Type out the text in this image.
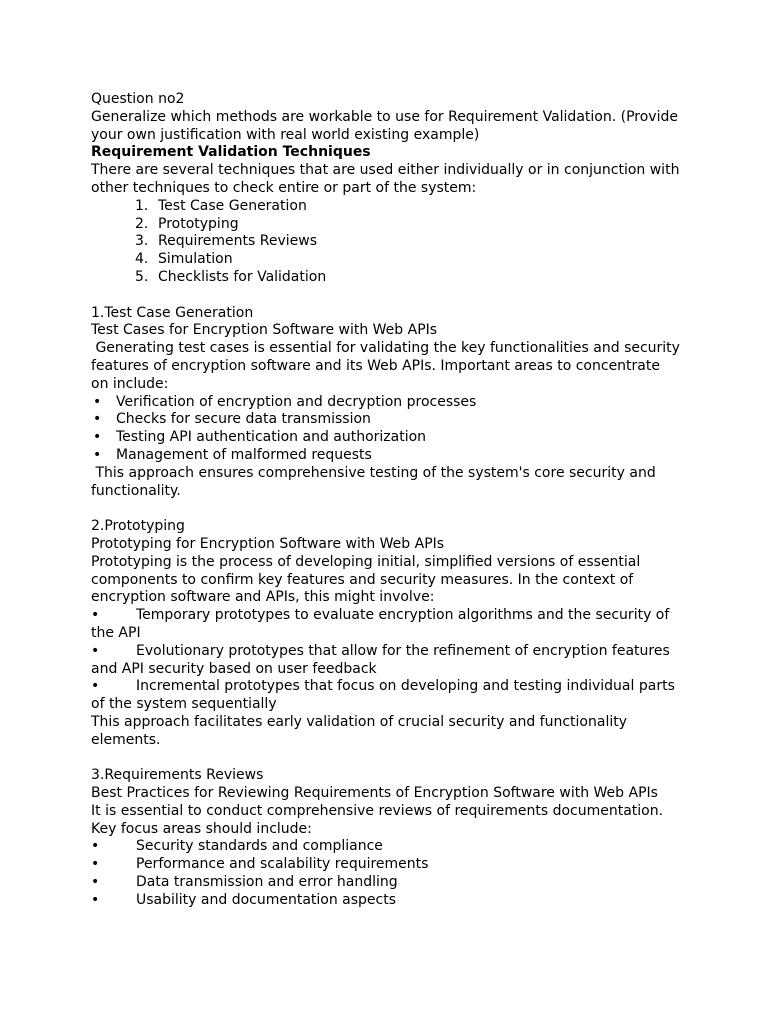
Question no2
Generalize which methods are workable to use for Requirement Validation. (Provide your own justification with real world existing example)
Requirement Validation Techniques
There are several techniques that are used either individually or in conjunction with other techniques to check entire or part of the system:
1. Test Case Generation
2. Prototyping
3. Requirements Reviews
4. Simulation
5. Checklists for Validation
1.Test Case Generation
Test Cases for Encryption Software with Web APIs
Generating test cases is essential for validating the key functionalities and security features of encryption software and its Web APIs. Important areas to concentrate on include:
•	Verification of encryption and decryption processes
•	Checks for secure data transmission
•	Testing API authentication and authorization
•	Management of malformed requests
This approach ensures comprehensive testing of the system's core security and functionality.
2.Prototyping
Prototyping for Encryption Software with Web APIs
Prototyping is the process of developing initial, simplified versions of essential components to confirm key features and security measures. In the context of encryption software and APIs, this might involve:
•	Temporary prototypes to evaluate encryption algorithms and the security of the API
•	Evolutionary prototypes that allow for the refinement of encryption features and API security based on user feedback
•	Incremental prototypes that focus on developing and testing individual parts of the system sequentially
This approach facilitates early validation of crucial security and functionality elements.
3.Requirements Reviews
Best Practices for Reviewing Requirements of Encryption Software with Web APIs
It is essential to conduct comprehensive reviews of requirements documentation. Key focus areas should include:
•	Security standards and compliance
•	Performance and scalability requirements
•	Data transmission and error handling
•	Usability and documentation aspects
